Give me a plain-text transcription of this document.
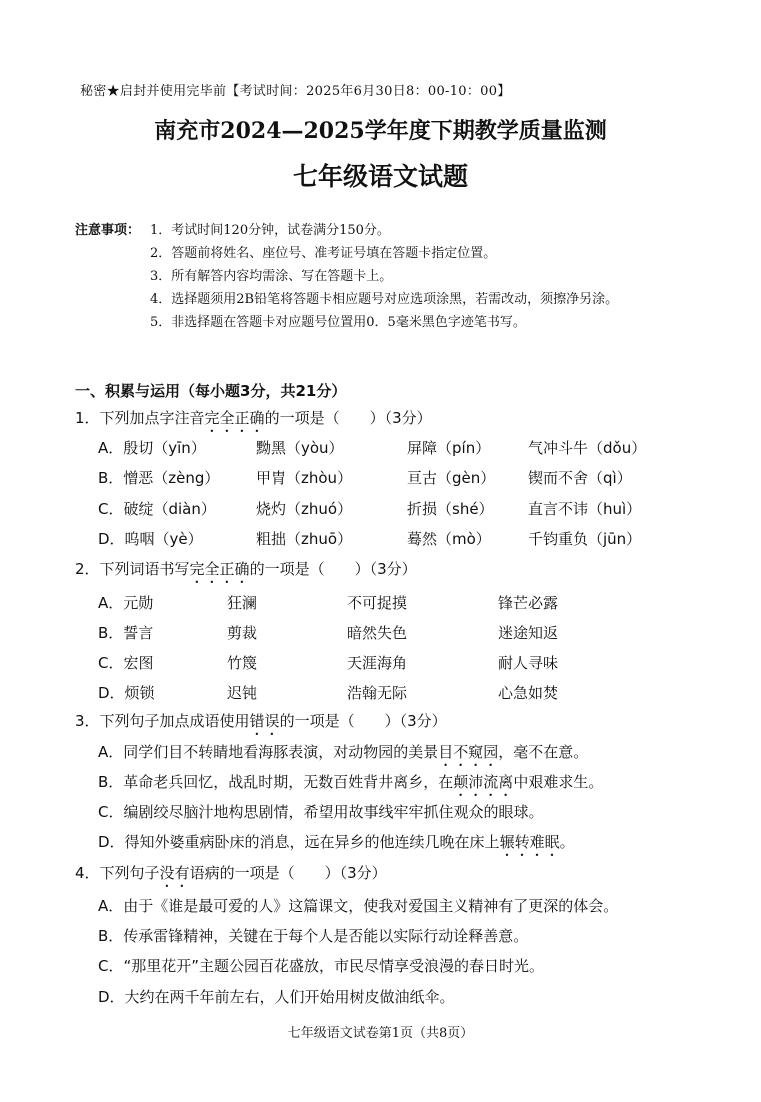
秘密★启封并使用完毕前【考试时间：2025年6月30日8：00-10：00】
南充市2024—2025学年度下期教学质量监测
七年级语文试题
注意事项： 1．考试时间120分钟，试卷满分150分。
2．答题前将姓名、座位号、准考证号填在答题卡指定位置。
3．所有解答内容均需涂、写在答题卡上。
4．选择题须用2B铅笔将答题卡相应题号对应选项涂黑，若需改动，须擦净另涂。
5．非选择题在答题卡对应题号位置用0．5毫米黑色字迹笔书写。
一、积累与运用（每小题3分，共21分）
1．下列加点字注音完全正确的一项是（　　）（3分）
A．殷切（yīn）	黝黑（yòu）	屏障（pín）	气冲斗牛（dǒu）
B．憎恶（zèng） 甲胄（zhòu）	亘古（gèn） 锲而不舍（qì）
C．破绽（diàn）	烧灼（zhuó）	折损（shé） 直言不讳（huì）
D．呜咽（yè）	粗拙（zhuō）	蓦然（mò） 千钧重负（jūn）
2．下列词语书写完全正确的一项是（　　）（3分）
A．元勋	狂澜	不可捉摸	锋芒必露
B．誓言	剪裁	暗然失色	迷途知返
C．宏图	竹篾	天涯海角	耐人寻味
D．烦锁	迟钝	浩翰无际	心急如焚
3．下列句子加点成语使用错误的一项是（　　）（3分）
A．同学们目不转睛地看海豚表演，对动物园的美景目不窥园，毫不在意。
B．革命老兵回忆，战乱时期，无数百姓背井离乡，在颠沛流离中艰难求生。
C．编剧绞尽脑汁地构思剧情，希望用故事线牢牢抓住观众的眼球。
D．得知外婆重病卧床的消息，远在异乡的他连续几晚在床上辗转难眠。
4．下列句子没有语病的一项是（　　）（3分）
A．由于《谁是最可爱的人》这篇课文，使我对爱国主义精神有了更深的体会。
B．传承雷锋精神，关键在于每个人是否能以实际行动诠释善意。
C．“那里花开”主题公园百花盛放，市民尽情享受浪漫的春日时光。
D．大约在两千年前左右，人们开始用树皮做油纸伞。
七年级语文试卷第1页（共8页）
